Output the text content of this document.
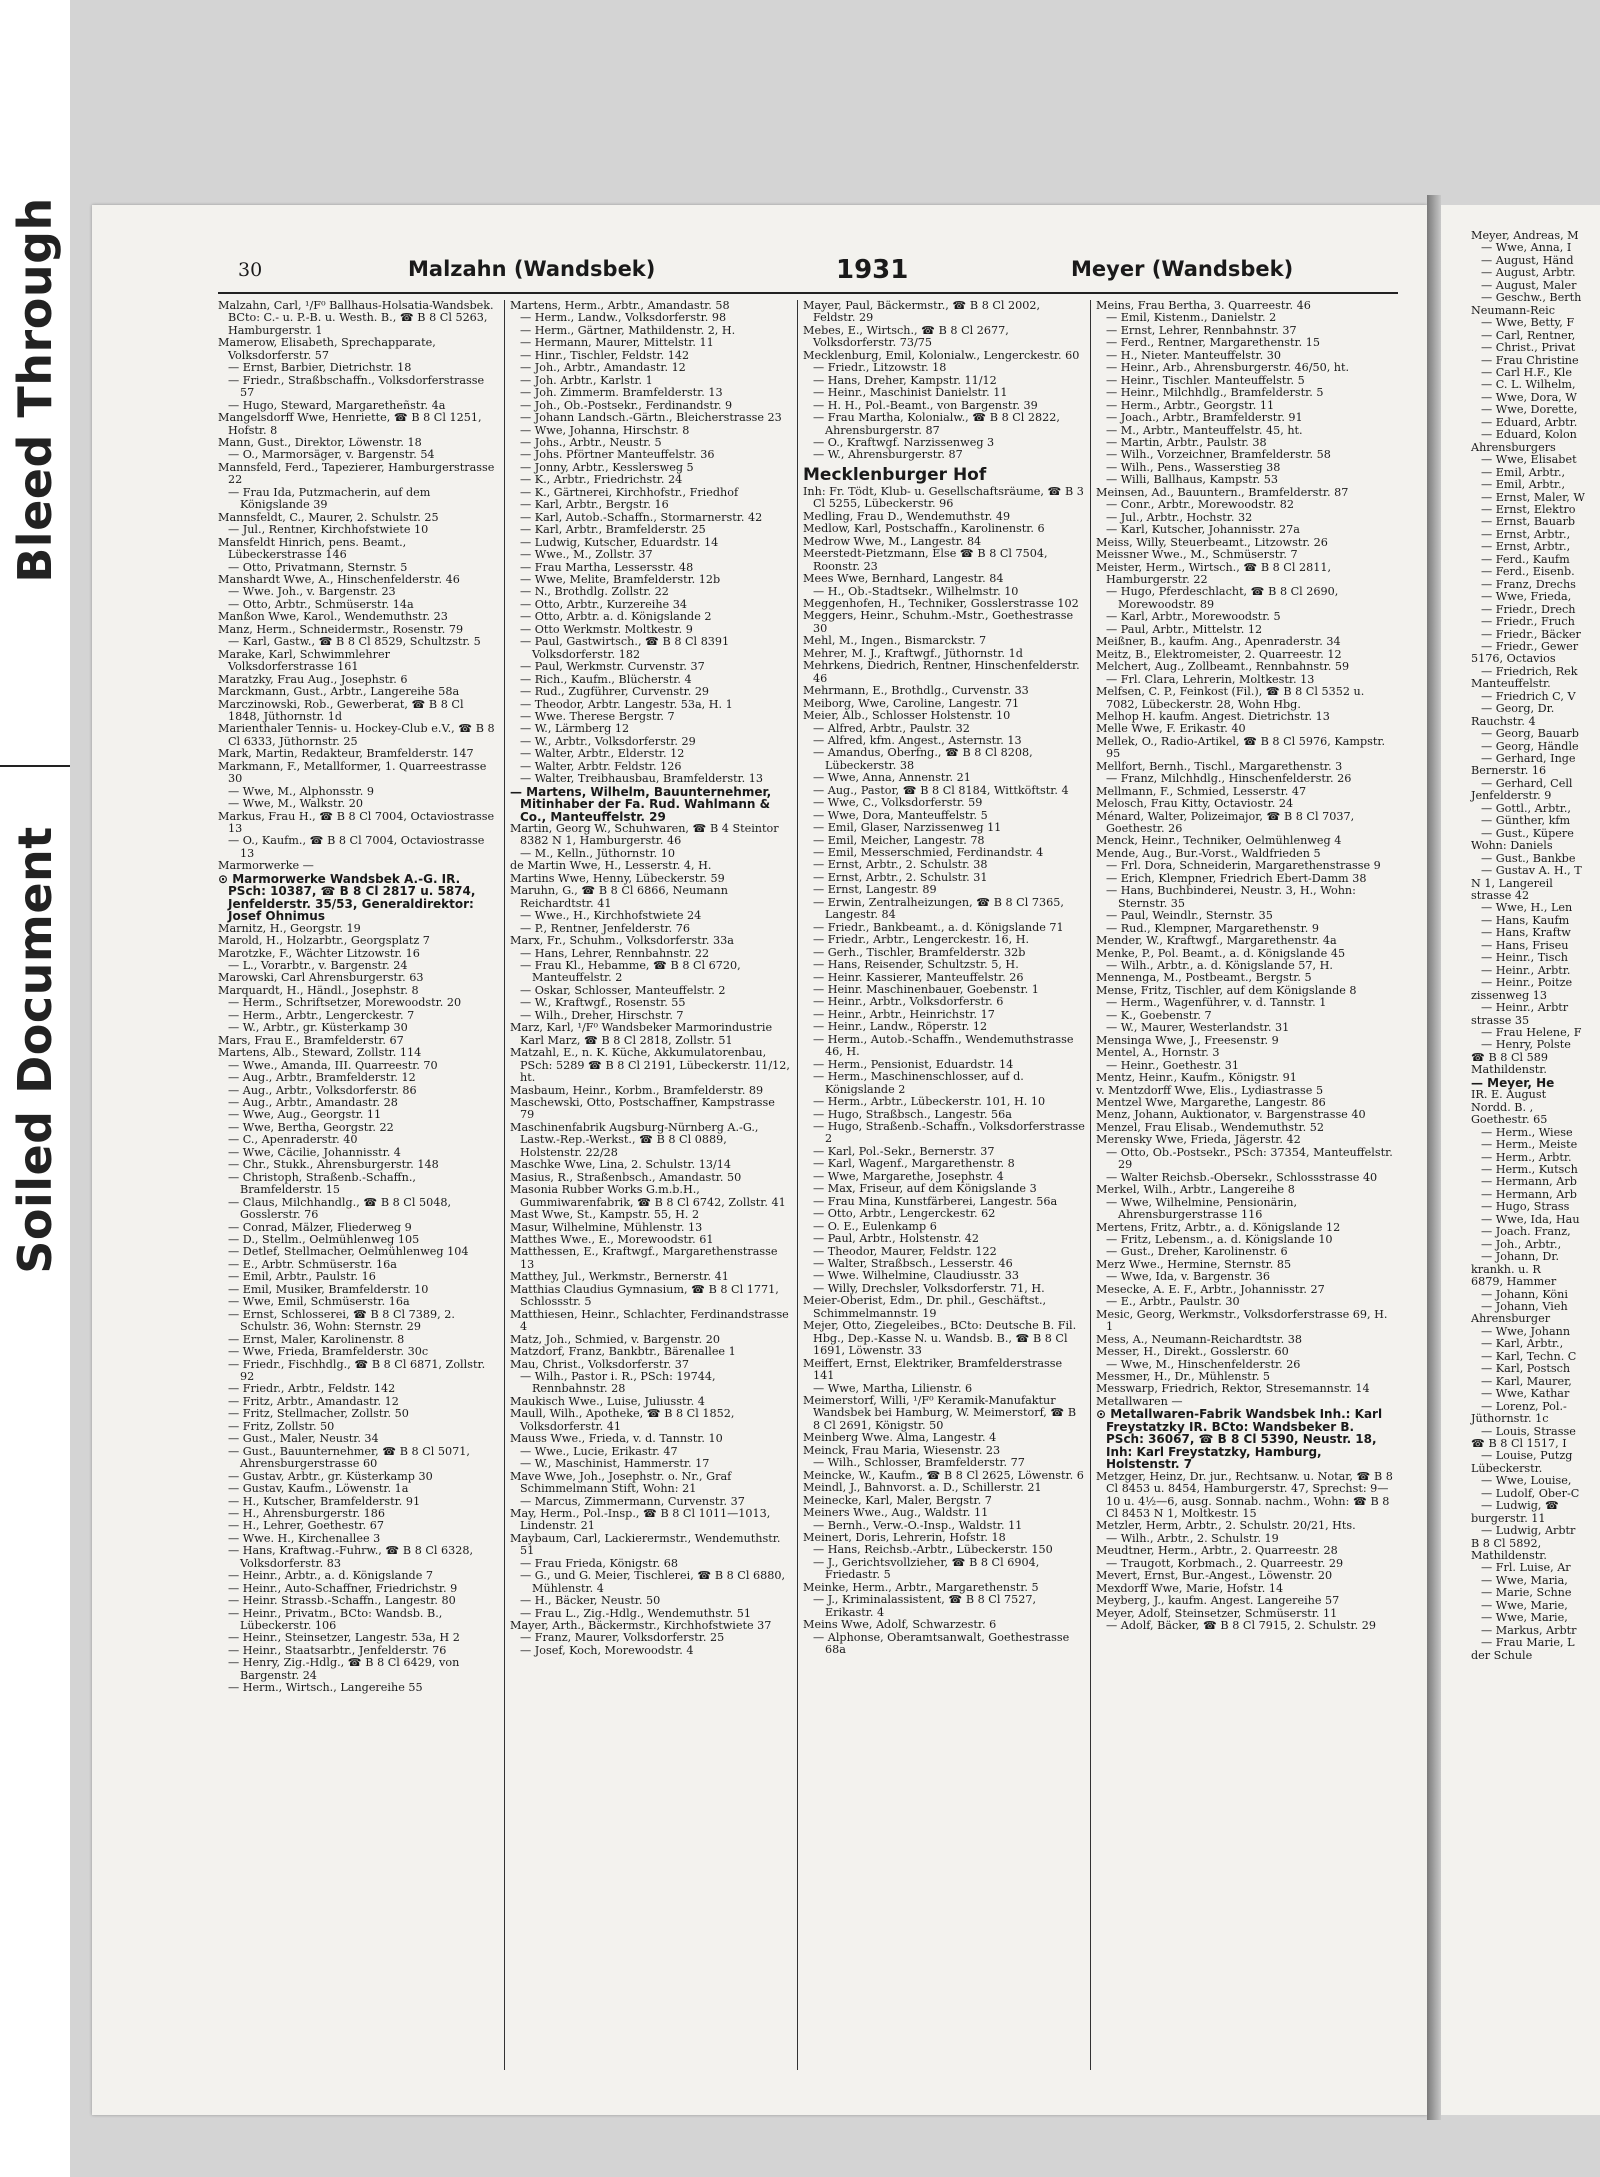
Bleed Through
Soiled Document
Meyer, Andreas, M
— Wwe, Anna, I
— August, Händ
— August, Arbtr.
— August, Maler
— Geschw., Berth
Neumann-Reic
— Wwe, Betty, F
— Carl, Rentner,
— Christ., Privat
— Frau Christine
— Carl H.F., Kle
— C. L. Wilhelm,
— Wwe, Dora, W
— Wwe, Dorette,
— Eduard, Arbtr.
— Eduard, Kolon
Ahrensburgers
— Wwe, Elisabet
— Emil, Arbtr.,
— Emil, Arbtr.,
— Ernst, Maler, W
— Ernst, Elektro
— Ernst, Bauarb
— Ernst, Arbtr.,
— Ernst, Arbtr.,
— Ferd., Kaufm
— Ferd., Eisenb.
— Franz, Drechs
— Wwe, Frieda,
— Friedr., Drech
— Friedr., Fruch
— Friedr., Bäcker
— Friedr., Gewer
5176, Octavios
— Friedrich, Rek
Manteuffelstr.
— Friedrich C, V
— Georg, Dr.
Rauchstr. 4
— Georg, Bauarb
— Georg, Händle
— Gerhard, Inge
Bernerstr. 16
— Gerhard, Cell
Jenfelderstr. 9
— Gottl., Arbtr.,
— Günther, kfm
— Gust., Küpere
Wohn: Daniels
— Gust., Bankbe
— Gustav A. H., T
N 1, Langereil
strasse 42
— Wwe, H., Len
— Hans, Kaufm
— Hans, Kraftw
— Hans, Friseu
— Heinr., Tisch
— Heinr., Arbtr.
— Heinr., Poitze
zissenweg 13
— Heinr., Arbtr
strasse 35
— Frau Helene, F
— Henry, Polste
☎ B 8 Cl 589
Mathildenstr.
— Meyer, He
IR. E. August
Nordd. B. ,
Goethestr. 65
— Herm., Wiese
— Herm., Meiste
— Herm., Arbtr.
— Herm., Kutsch
— Hermann, Arb
— Hermann, Arb
— Hugo, Strass
— Wwe, Ida, Hau
— Joach. Franz,
— Joh., Arbtr.,
— Johann, Dr.
krankh. u. R
6879, Hammer
— Johann, Köni
— Johann, Vieh
Ahrensburger
— Wwe, Johann
— Karl, Arbtr.,
— Karl, Techn. C
— Karl, Postsch
— Karl, Maurer,
— Wwe, Kathar
— Lorenz, Pol.-
Jüthornstr. 1c
— Louis, Strasse
☎ B 8 Cl 1517, I
— Louise, Putzg
Lübeckerstr.
— Wwe, Louise,
— Ludolf, Ober-C
— Ludwig, ☎
burgerstr. 11
— Ludwig, Arbtr
B 8 Cl 5892,
Mathildenstr.
— Frl. Luise, Ar
— Wwe, Maria,
— Marie, Schne
— Wwe, Marie,
— Wwe, Marie,
— Markus, Arbtr
— Frau Marie, L
der Schule
30	Malzahn (Wandsbek)	1931	Meyer (Wandsbek)
Malzahn, Carl, ¹/F⁰ Ballhaus-Holsatia-Wandsbek. BCto: C.- u. P.-B. u. Westh. B., ☎ B 8 Cl 5263, Hamburgerstr. 1
Mamerow, Elisabeth, Sprechapparate, Volksdorferstr. 57
— Ernst, Barbier, Dietrichstr. 18
— Friedr., Straßbschaffn., Volksdorferstrasse 57
— Hugo, Steward, Margaretheñstr. 4a
Mangelsdorff Wwe, Henriette, ☎ B 8 Cl 1251, Hofstr. 8
Mann, Gust., Direktor, Löwenstr. 18
— O., Marmorsäger, v. Bargenstr. 54
Mannsfeld, Ferd., Tapezierer, Hamburgerstrasse 22
— Frau Ida, Putzmacherin, auf dem Königslande 39
Mannsfeldt, C., Maurer, 2. Schulstr. 25
— Jul., Rentner, Kirchhofstwiete 10
Mansfeldt Hinrich, pens. Beamt., Lübeckerstrasse 146
— Otto, Privatmann, Sternstr. 5
Manshardt Wwe, A., Hinschenfelderstr. 46
— Wwe. Joh., v. Bargenstr. 23
— Otto, Arbtr., Schmüserstr. 14a
Manßon Wwe, Karol., Wendemuthstr. 23
Manz, Herm., Schneidermstr., Rosenstr. 79
— Karl, Gastw., ☎ B 8 Cl 8529, Schultzstr. 5
Marake, Karl, Schwimmlehrer Volksdorferstrasse 161
Maratzky, Frau Aug., Josephstr. 6
Marckmann, Gust., Arbtr., Langereihe 58a
Marczinowski, Rob., Gewerberat, ☎ B 8 Cl 1848, Jüthornstr. 1d
Marienthaler Tennis- u. Hockey-Club e.V., ☎ B 8 Cl 6333, Jüthornstr. 25
Mark, Martin, Redakteur, Bramfelderstr. 147
Markmann, F., Metallformer, 1. Quarreestrasse 30
— Wwe, M., Alphonsstr. 9
— Wwe, M., Walkstr. 20
Markus, Frau H., ☎ B 8 Cl 7004, Octaviostrasse 13
— O., Kaufm., ☎ B 8 Cl 7004, Octaviostrasse 13
Marmorwerke —
⊙ Marmorwerke Wandsbek A.-G. IR. PSch: 10387, ☎ B 8 Cl 2817 u. 5874, Jenfelderstr. 35/53, Generaldirektor: Josef Ohnimus
Marnitz, H., Georgstr. 19
Marold, H., Holzarbtr., Georgsplatz 7
Marotzke, F., Wächter Litzowstr. 16
— L., Vorarbtr., v. Bargenstr. 24
Marowski, Carl Ahrensburgerstr. 63
Marquardt, H., Händl., Josephstr. 8
— Herm., Schriftsetzer, Morewoodstr. 20
— Herm., Arbtr., Lengerckestr. 7
— W., Arbtr., gr. Küsterkamp 30
Mars, Frau E., Bramfelderstr. 67
Martens, Alb., Steward, Zollstr. 114
— Wwe., Amanda, III. Quarreestr. 70
— Aug., Arbtr., Bramfelderstr. 12
— Aug., Arbtr., Volksdorferstr. 86
— Aug., Arbtr., Amandastr. 28
— Wwe, Aug., Georgstr. 11
— Wwe, Bertha, Georgstr. 22
— C., Apenraderstr. 40
— Wwe, Cäcilie, Johannisstr. 4
— Chr., Stukk., Ahrensburgerstr. 148
— Christoph, Straßenb.-Schaffn., Bramfelderstr. 15
— Claus, Milchhandlg., ☎ B 8 Cl 5048, Gosslerstr. 76
— Conrad, Mälzer, Fliederweg 9
— D., Stellm., Oelmühlenweg 105
— Detlef, Stellmacher, Oelmühlenweg 104
— E., Arbtr. Schmüserstr. 16a
— Emil, Arbtr., Paulstr. 16
— Emil, Musiker, Bramfelderstr. 10
— Wwe, Emil, Schmüserstr. 16a
— Ernst, Schlosserei, ☎ B 8 Cl 7389, 2. Schulstr. 36, Wohn: Sternstr. 29
— Ernst, Maler, Karolinenstr. 8
— Wwe, Frieda, Bramfelderstr. 30c
— Friedr., Fischhdlg., ☎ B 8 Cl 6871, Zollstr. 92
— Friedr., Arbtr., Feldstr. 142
— Fritz, Arbtr., Amandastr. 12
— Fritz, Stellmacher, Zollstr. 50
— Fritz, Zollstr. 50
— Gust., Maler, Neustr. 34
— Gust., Bauunternehmer, ☎ B 8 Cl 5071, Ahrensburgerstrasse 60
— Gustav, Arbtr., gr. Küsterkamp 30
— Gustav, Kaufm., Löwenstr. 1a
— H., Kutscher, Bramfelderstr. 91
— H., Ahrensburgerstr. 186
— H., Lehrer, Goethestr. 67
— Wwe. H., Kirchenallee 3
— Hans, Kraftwag.-Fuhrw., ☎ B 8 Cl 6328, Volksdorferstr. 83
— Heinr., Arbtr., a. d. Königslande 7
— Heinr., Auto-Schaffner, Friedrichstr. 9
— Heinr. Strassb.-Schaffn., Langestr. 80
— Heinr., Privatm., BCto: Wandsb. B., Lübeckerstr. 106
— Heinr., Steinsetzer, Langestr. 53a, H 2
— Heinr., Staatsarbtr., Jenfelderstr. 76
— Henry, Zig.-Hdlg., ☎ B 8 Cl 6429, von Bargenstr. 24
— Herm., Wirtsch., Langereihe 55
Martens, Herm., Arbtr., Amandastr. 58
— Herm., Landw., Volksdorferstr. 98
— Herm., Gärtner, Mathildenstr. 2, H.
— Hermann, Maurer, Mittelstr. 11
— Hinr., Tischler, Feldstr. 142
— Joh., Arbtr., Amandastr. 12
— Joh. Arbtr., Karlstr. 1
— Joh. Zimmerm. Bramfelderstr. 13
— Joh., Ob.-Postsekr., Ferdinandstr. 9
— Johann Landsch.-Gärtn., Bleicherstrasse 23
— Wwe, Johanna, Hirschstr. 8
— Johs., Arbtr., Neustr. 5
— Johs. Pförtner Manteuffelstr. 36
— Jonny, Arbtr., Kesslersweg 5
— K., Arbtr., Friedrichstr. 24
— K., Gärtnerei, Kirchhofstr., Friedhof
— Karl, Arbtr., Bergstr. 16
— Karl, Autob.-Schaffn., Stormarnerstr. 42
— Karl, Arbtr., Bramfelderstr. 25
— Ludwig, Kutscher, Eduardstr. 14
— Wwe., M., Zollstr. 37
— Frau Martha, Lessersstr. 48
— Wwe, Melite, Bramfelderstr. 12b
— N., Brothdlg. Zollstr. 22
— Otto, Arbtr., Kurzereihe 34
— Otto, Arbtr. a. d. Königslande 2
— Otto Werkmstr. Moltkestr. 9
— Paul, Gastwirtsch., ☎ B 8 Cl 8391 Volksdorferstr. 182
— Paul, Werkmstr. Curvenstr. 37
— Rich., Kaufm., Blücherstr. 4
— Rud., Zugführer, Curvenstr. 29
— Theodor, Arbtr. Langestr. 53a, H. 1
— Wwe. Therese Bergstr. 7
— W., Lärmberg 12
— W., Arbtr., Volksdorferstr. 29
— Walter, Arbtr., Elderstr. 12
— Walter, Arbtr. Feldstr. 126
— Walter, Treibhausbau, Bramfelderstr. 13
— Martens, Wilhelm, Bauunternehmer, Mitinhaber der Fa. Rud. Wahlmann & Co., Manteuffelstr. 29
Martin, Georg W., Schuhwaren, ☎ B 4 Steintor 8382 N 1, Hamburgerstr. 46
— M., Kelln., Jüthornstr. 10
de Martin Wwe, H., Lesserstr. 4, H.
Martins Wwe, Henny, Lübeckerstr. 59
Maruhn, G., ☎ B 8 Cl 6866, Neumann Reichardtstr. 41
— Wwe., H., Kirchhofstwiete 24
— P., Rentner, Jenfelderstr. 76
Marx, Fr., Schuhm., Volksdorferstr. 33a
— Hans, Lehrer, Rennbahnstr. 22
— Frau Kl., Hebamme, ☎ B 8 Cl 6720, Manteuffelstr. 2
— Oskar, Schlosser, Manteuffelstr. 2
— W., Kraftwgf., Rosenstr. 55
— Wilh., Dreher, Hirschstr. 7
Marz, Karl, ¹/F⁰ Wandsbeker Marmorindustrie Karl Marz, ☎ B 8 Cl 2818, Zollstr. 51
Matzahl, E., n. K. Küche, Akkumulatorenbau, PSch: 5289 ☎ B 8 Cl 2191, Lübeckerstr. 11/12, ht.
Masbaum, Heinr., Korbm., Bramfelderstr. 89
Maschewski, Otto, Postschaffner, Kampstrasse 79
Maschinenfabrik Augsburg-Nürnberg A.-G., Lastw.-Rep.-Werkst., ☎ B 8 Cl 0889, Holstenstr. 22/28
Maschke Wwe, Lina, 2. Schulstr. 13/14
Masius, R., Straßenbsch., Amandastr. 50
Masonia Rubber Works G.m.b.H., Gummiwarenfabrik, ☎ B 8 Cl 6742, Zollstr. 41
Mast Wwe, St., Kampstr. 55, H. 2
Masur, Wilhelmine, Mühlenstr. 13
Matthes Wwe., E., Morewoodstr. 61
Matthessen, E., Kraftwgf., Margarethenstrasse 13
Matthey, Jul., Werkmstr., Bernerstr. 41
Matthias Claudius Gymnasium, ☎ B 8 Cl 1771, Schlossstr. 5
Matthiesen, Heinr., Schlachter, Ferdinandstrasse 4
Matz, Joh., Schmied, v. Bargenstr. 20
Matzdorf, Franz, Bankbtr., Bärenallee 1
Mau, Christ., Volksdorferstr. 37
— Wilh., Pastor i. R., PSch: 19744, Rennbahnstr. 28
Maukisch Wwe., Luise, Juliusstr. 4
Maull, Wilh., Apotheke, ☎ B 8 Cl 1852, Volksdorferstr. 41
Mauss Wwe., Frieda, v. d. Tannstr. 10
— Wwe., Lucie, Erikastr. 47
— W., Maschinist, Hammerstr. 17
Mave Wwe, Joh., Josephstr. o. Nr., Graf Schimmelmann Stift, Wohn: 21
— Marcus, Zimmermann, Curvenstr. 37
May, Herm., Pol.-Insp., ☎ B 8 Cl 1011—1013, Lindenstr. 21
Maybaum, Carl, Lackierermstr., Wendemuthstr. 51
— Frau Frieda, Königstr. 68
— G., und G. Meier, Tischlerei, ☎ B 8 Cl 6880, Mühlenstr. 4
— H., Bäcker, Neustr. 50
— Frau L., Zig.-Hdlg., Wendemuthstr. 51
Mayer, Arth., Bäckermstr., Kirchhofstwiete 37
— Franz, Maurer, Volksdorferstr. 25
— Josef, Koch, Morewoodstr. 4
Mayer, Paul, Bäckermstr., ☎ B 8 Cl 2002, Feldstr. 29
Mebes, E., Wirtsch., ☎ B 8 Cl 2677, Volksdorferstr. 73/75
Mecklenburg, Emil, Kolonialw., Lengerckestr. 60
— Friedr., Litzowstr. 18
— Hans, Dreher, Kampstr. 11/12
— Heinr., Maschinist Danielstr. 11
— H. H., Pol.-Beamt., von Bargenstr. 39
— Frau Martha, Kolonialw., ☎ B 8 Cl 2822, Ahrensburgerstr. 87
— O., Kraftwgf. Narzissenweg 3
— W., Ahrensburgerstr. 87
Mecklenburger Hof
Inh: Fr. Tödt, Klub- u. Gesellschaftsräume, ☎ B 3 Cl 5255, Lübeckerstr. 96
Medling, Frau D., Wendemuthstr. 49
Medlow, Karl, Postschaffn., Karolinenstr. 6
Medrow Wwe, M., Langestr. 84
Meerstedt-Pietzmann, Else ☎ B 8 Cl 7504, Roonstr. 23
Mees Wwe, Bernhard, Langestr. 84
— H., Ob.-Stadtsekr., Wilhelmstr. 10
Meggenhofen, H., Techniker, Gosslerstrasse 102
Meggers, Heinr., Schuhm.-Mstr., Goethestrasse 30
Mehl, M., Ingen., Bismarckstr. 7
Mehrer, M. J., Kraftwgf., Jüthornstr. 1d
Mehrkens, Diedrich, Rentner, Hinschenfelderstr. 46
Mehrmann, E., Brothdlg., Curvenstr. 33
Meiborg, Wwe, Caroline, Langestr. 71
Meier, Alb., Schlosser Holstenstr. 10
— Alfred, Arbtr., Paulstr. 32
— Alfred, kfm. Angest., Asternstr. 13
— Amandus, Oberfng., ☎ B 8 Cl 8208, Lübeckerstr. 38
— Wwe, Anna, Annenstr. 21
— Aug., Pastor, ☎ B 8 Cl 8184, Wittköftstr. 4
— Wwe, C., Volksdorferstr. 59
— Wwe, Dora, Manteuffelstr. 5
— Emil, Glaser, Narzissenweg 11
— Emil, Meicher, Langestr. 78
— Emil, Messerschmied, Ferdinandstr. 4
— Ernst, Arbtr., 2. Schulstr. 38
— Ernst, Arbtr., 2. Schulstr. 31
— Ernst, Langestr. 89
— Erwin, Zentralheizungen, ☎ B 8 Cl 7365, Langestr. 84
— Friedr., Bankbeamt., a. d. Königslande 71
— Friedr., Arbtr., Lengerckestr. 16, H.
— Gerh., Tischler, Bramfelderstr. 32b
— Hans, Reisender, Schultzstr. 5, H.
— Heinr. Kassierer, Manteuffelstr. 26
— Heinr. Maschinenbauer, Goebenstr. 1
— Heinr., Arbtr., Volksdorferstr. 6
— Heinr., Arbtr., Heinrichstr. 17
— Heinr., Landw., Röperstr. 12
— Herm., Autob.-Schaffn., Wendemuthstrasse 46, H.
— Herm., Pensionist, Eduardstr. 14
— Herm., Maschinenschlosser, auf d. Königslande 2
— Herm., Arbtr., Lübeckerstr. 101, H. 10
— Hugo, Straßbsch., Langestr. 56a
— Hugo, Straßenb.-Schaffn., Volksdorferstrasse 2
— Karl, Pol.-Sekr., Bernerstr. 37
— Karl, Wagenf., Margarethenstr. 8
— Wwe, Margarethe, Josephstr. 4
— Max, Friseur, auf dem Königslande 3
— Frau Mina, Kunstfärberei, Langestr. 56a
— Otto, Arbtr., Lengerckestr. 62
— O. E., Eulenkamp 6
— Paul, Arbtr., Holstenstr. 42
— Theodor, Maurer, Feldstr. 122
— Walter, Straßbsch., Lesserstr. 46
— Wwe. Wilhelmine, Claudiusstr. 33
— Willy, Drechsler, Volksdorferstr. 71, H.
Meier-Oberist, Edm., Dr. phil., Geschäftst., Schimmelmannstr. 19
Mejer, Otto, Ziegeleibes., BCto: Deutsche B. Fil. Hbg., Dep.-Kasse N. u. Wandsb. B., ☎ B 8 Cl 1691, Löwenstr. 33
Meiffert, Ernst, Elektriker, Bramfelderstrasse 141
— Wwe, Martha, Lilienstr. 6
Meimerstorf, Willi, ¹/F⁰ Keramik-Manufaktur Wandsbek bei Hamburg, W. Meimerstorf, ☎ B 8 Cl 2691, Königstr. 50
Meinberg Wwe. Alma, Langestr. 4
Meinck, Frau Maria, Wiesenstr. 23
— Wilh., Schlosser, Bramfelderstr. 77
Meincke, W., Kaufm., ☎ B 8 Cl 2625, Löwenstr. 6
Meindl, J., Bahnvorst. a. D., Schillerstr. 21
Meinecke, Karl, Maler, Bergstr. 7
Meiners Wwe., Aug., Waldstr. 11
— Bernh., Verw.-O.-Insp., Waldstr. 11
Meinert, Doris, Lehrerin, Hofstr. 18
— Hans, Reichsb.-Arbtr., Lübeckerstr. 150
— J., Gerichtsvollzieher, ☎ B 8 Cl 6904, Friedastr. 5
Meinke, Herm., Arbtr., Margarethenstr. 5
— J., Kriminalassistent, ☎ B 8 Cl 7527, Erikastr. 4
Meins Wwe, Adolf, Schwarzestr. 6
— Alphonse, Oberamtsanwalt, Goethestrasse 68a
Meins, Frau Bertha, 3. Quarreestr. 46
— Emil, Kistenm., Danielstr. 2
— Ernst, Lehrer, Rennbahnstr. 37
— Ferd., Rentner, Margarethenstr. 15
— H., Nieter. Manteuffelstr. 30
— Heinr., Arb., Ahrensburgerstr. 46/50, ht.
— Heinr., Tischler. Manteuffelstr. 5
— Heinr., Milchhdlg., Bramfelderstr. 5
— Herm., Arbtr., Georgstr. 11
— Joach., Arbtr., Bramfelderstr. 91
— M., Arbtr., Manteuffelstr. 45, ht.
— Martin, Arbtr., Paulstr. 38
— Wilh., Vorzeichner, Bramfelderstr. 58
— Wilh., Pens., Wasserstieg 38
— Willi, Ballhaus, Kampstr. 53
Meinsen, Ad., Bauuntern., Bramfelderstr. 87
— Conr., Arbtr., Morewoodstr. 82
— Jul., Arbtr., Hochstr. 32
— Karl, Kutscher, Johannisstr. 27a
Meiss, Willy, Steuerbeamt., Litzowstr. 26
Meissner Wwe., M., Schmüserstr. 7
Meister, Herm., Wirtsch., ☎ B 8 Cl 2811, Hamburgerstr. 22
— Hugo, Pferdeschlacht, ☎ B 8 Cl 2690, Morewoodstr. 89
— Karl, Arbtr., Morewoodstr. 5
— Paul, Arbtr., Mittelstr. 12
Meißner, B., kaufm. Ang., Apenraderstr. 34
Meitz, B., Elektromeister, 2. Quarreestr. 12
Melchert, Aug., Zollbeamt., Rennbahnstr. 59
— Frl. Clara, Lehrerin, Moltkestr. 13
Melfsen, C. P., Feinkost (Fil.), ☎ B 8 Cl 5352 u. 7082, Lübeckerstr. 28, Wohn Hbg.
Melhop H. kaufm. Angest. Dietrichstr. 13
Melle Wwe, F. Erikastr. 40
Mellek, O., Radio-Artikel, ☎ B 8 Cl 5976, Kampstr. 95
Mellfort, Bernh., Tischl., Margarethenstr. 3
— Franz, Milchhdlg., Hinschenfelderstr. 26
Mellmann, F., Schmied, Lesserstr. 47
Melosch, Frau Kitty, Octaviostr. 24
Ménard, Walter, Polizeimajor, ☎ B 8 Cl 7037, Goethestr. 26
Menck, Heinr., Techniker, Oelmühlenweg 4
Mende, Aug., Bur.-Vorst., Waldfrieden 5
— Frl. Dora, Schneiderin, Margarethenstrasse 9
— Erich, Klempner, Friedrich Ebert-Damm 38
— Hans, Buchbinderei, Neustr. 3, H., Wohn: Sternstr. 35
— Paul, Weindlr., Sternstr. 35
— Rud., Klempner, Margarethenstr. 9
Mender, W., Kraftwgf., Margarethenstr. 4a
Menke, P., Pol. Beamt., a. d. Königslande 45
— Wilh., Arbtr., a. d. Königslande 57, H.
Mennenga, M., Postbeamt., Bergstr. 5
Mense, Fritz, Tischler, auf dem Königslande 8
— Herm., Wagenführer, v. d. Tannstr. 1
— K., Goebenstr. 7
— W., Maurer, Westerlandstr. 31
Mensinga Wwe, J., Freesenstr. 9
Mentel, A., Hornstr. 3
— Heinr., Goethestr. 31
Mentz, Heinr., Kaufm., Königstr. 91
v. Mentzdorff Wwe, Elis., Lydiastrasse 5
Mentzel Wwe, Margarethe, Langestr. 86
Menz, Johann, Auktionator, v. Bargenstrasse 40
Menzel, Frau Elisab., Wendemuthstr. 52
Merensky Wwe, Frieda, Jägerstr. 42
— Otto, Ob.-Postsekr., PSch: 37354, Manteuffelstr. 29
— Walter Reichsb.-Obersekr., Schlossstrasse 40
Merkel, Wilh., Arbtr., Langereihe 8
— Wwe, Wilhelmine, Pensionärin, Ahrensburgerstrasse 116
Mertens, Fritz, Arbtr., a. d. Königslande 12
— Fritz, Lebensm., a. d. Königslande 10
— Gust., Dreher, Karolinenstr. 6
Merz Wwe., Hermine, Sternstr. 85
— Wwe, Ida, v. Bargenstr. 36
Mesecke, A. E. F., Arbtr., Johannisstr. 27
— E., Arbtr., Paulstr. 30
Mesic, Georg, Werkmstr., Volksdorferstrasse 69, H. 1
Mess, A., Neumann-Reichardtstr. 38
Messer, H., Direkt., Gosslerstr. 60
— Wwe, M., Hinschenfelderstr. 26
Messmer, H., Dr., Mühlenstr. 5
Messwarp, Friedrich, Rektor, Stresemannstr. 14
Metallwaren —
⊙ Metallwaren-Fabrik Wandsbek Inh.: Karl Freystatzky IR. BCto: Wandsbeker B. PSch: 36067, ☎ B 8 Cl 5390, Neustr. 18, Inh: Karl Freystatzky, Hamburg, Holstenstr. 7
Metzger, Heinz, Dr. jur., Rechtsanw. u. Notar, ☎ B 8 Cl 8453 u. 8454, Hamburgerstr. 47, Sprechst: 9—10 u. 4½—6, ausg. Sonnab. nachm., Wohn: ☎ B 8 Cl 8453 N 1, Moltkestr. 15
Metzler, Herm, Arbtr., 2. Schulstr. 20/21, Hts.
— Wilh., Arbtr., 2. Schulstr. 19
Meudtner, Herm., Arbtr., 2. Quarreestr. 28
— Traugott, Korbmach., 2. Quarreestr. 29
Mevert, Ernst, Bur.-Angest., Löwenstr. 20
Mexdorff Wwe, Marie, Hofstr. 14
Meyberg, J., kaufm. Angest. Langereihe 57
Meyer, Adolf, Steinsetzer, Schmüserstr. 11
— Adolf, Bäcker, ☎ B 8 Cl 7915, 2. Schulstr. 29
